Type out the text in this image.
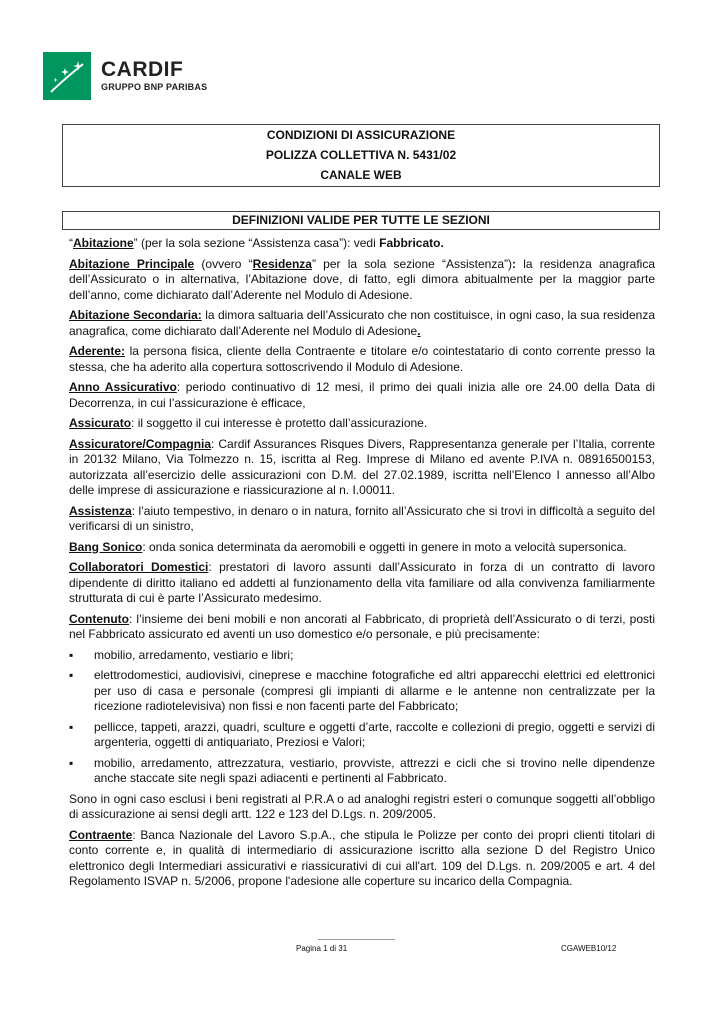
CARDIF
GRUPPO BNP PARIBAS
CONDIZIONI DI ASSICURAZIONE
POLIZZA COLLETTIVA N. 5431/02
CANALE WEB
DEFINIZIONI VALIDE PER TUTTE LE SEZIONI

“Abitazione” (per la sola sezione “Assistenza casa”): vedi Fabbricato.

Abitazione Principale (ovvero “Residenza” per la sola sezione “Assistenza”): la residenza anagrafica dell’Assicurato o in alternativa, l’Abitazione dove, di fatto, egli dimora abitualmente per la maggior parte dell’anno, come dichiarato dall’Aderente nel Modulo di Adesione.

Abitazione Secondaria: la dimora saltuaria dell’Assicurato che non costituisce, in ogni caso, la sua residenza anagrafica, come dichiarato dall’Aderente nel Modulo di Adesione.

Aderente: la persona fisica, cliente della Contraente e titolare e/o cointestatario di conto corrente presso la stessa, che ha aderito alla copertura sottoscrivendo il Modulo di Adesione.

Anno Assicurativo: periodo continuativo di 12 mesi, il primo dei quali inizia alle ore 24.00 della Data di Decorrenza, in cui l’assicurazione è efficace,

Assicurato: il soggetto il cui interesse è protetto dall’assicurazione.

Assicuratore/Compagnia: Cardif Assurances Risques Divers, Rappresentanza generale per l’Italia, corrente in 20132 Milano, Via Tolmezzo n. 15, iscritta al Reg. Imprese di Milano ed avente P.IVA n. 08916500153, autorizzata all’esercizio delle assicurazioni con D.M. del 27.02.1989, iscritta nell’Elenco I annesso all’Albo delle imprese di assicurazione e riassicurazione al n. I.00011.

Assistenza: l’aiuto tempestivo, in denaro o in natura, fornito all’Assicurato che si trovi in difficoltà a seguito del verificarsi di un sinistro,

Bang Sonico: onda sonica determinata da aeromobili e oggetti in genere in moto a velocità supersonica.

Collaboratori Domestici: prestatori di lavoro assunti dall’Assicurato in forza di un contratto di lavoro dipendente di diritto italiano ed addetti al funzionamento della vita familiare od alla convivenza familiarmente strutturata di cui è parte l’Assicurato medesimo.

Contenuto: l’insieme dei beni mobili e non ancorati al Fabbricato, di proprietà dell’Assicurato o di terzi, posti nel Fabbricato assicurato ed aventi un uso domestico e/o personale, e più precisamente:

▪	mobilio, arredamento, vestiario e libri;
▪	elettrodomestici, audiovisivi, cineprese e macchine fotografiche ed altri apparecchi elettrici ed elettronici per uso di casa e personale (compresi gli impianti di allarme e le antenne non centralizzate per la ricezione radiotelevisiva) non fissi e non facenti parte del Fabbricato;
▪	pellicce, tappeti, arazzi, quadri, sculture e oggetti d’arte, raccolte e collezioni di pregio, oggetti e servizi di argenteria, oggetti di antiquariato, Preziosi e Valori;
▪	mobilio, arredamento, attrezzatura, vestiario, provviste, attrezzi e cicli che si trovino nelle dipendenze anche staccate site negli spazi adiacenti e pertinenti al Fabbricato.

Sono in ogni caso esclusi i beni registrati al P.R.A o ad analoghi registri esteri o comunque soggetti all’obbligo di assicurazione ai sensi degli artt. 122 e 123 del D.Lgs. n. 209/2005.

Contraente: Banca Nazionale del Lavoro S.p.A., che stipula le Polizze per conto dei propri clienti titolari di conto corrente e, in qualità di intermediario di assicurazione iscritto alla sezione D del Registro Unico elettronico degli Intermediari assicurativi e riassicurativi di cui all'art. 109 del D.Lgs. n. 209/2005 e art. 4 del Regolamento ISVAP n. 5/2006, propone l'adesione alle coperture su incarico della Compagnia.

Pagina 1 di 31	CGAWEB10/12
